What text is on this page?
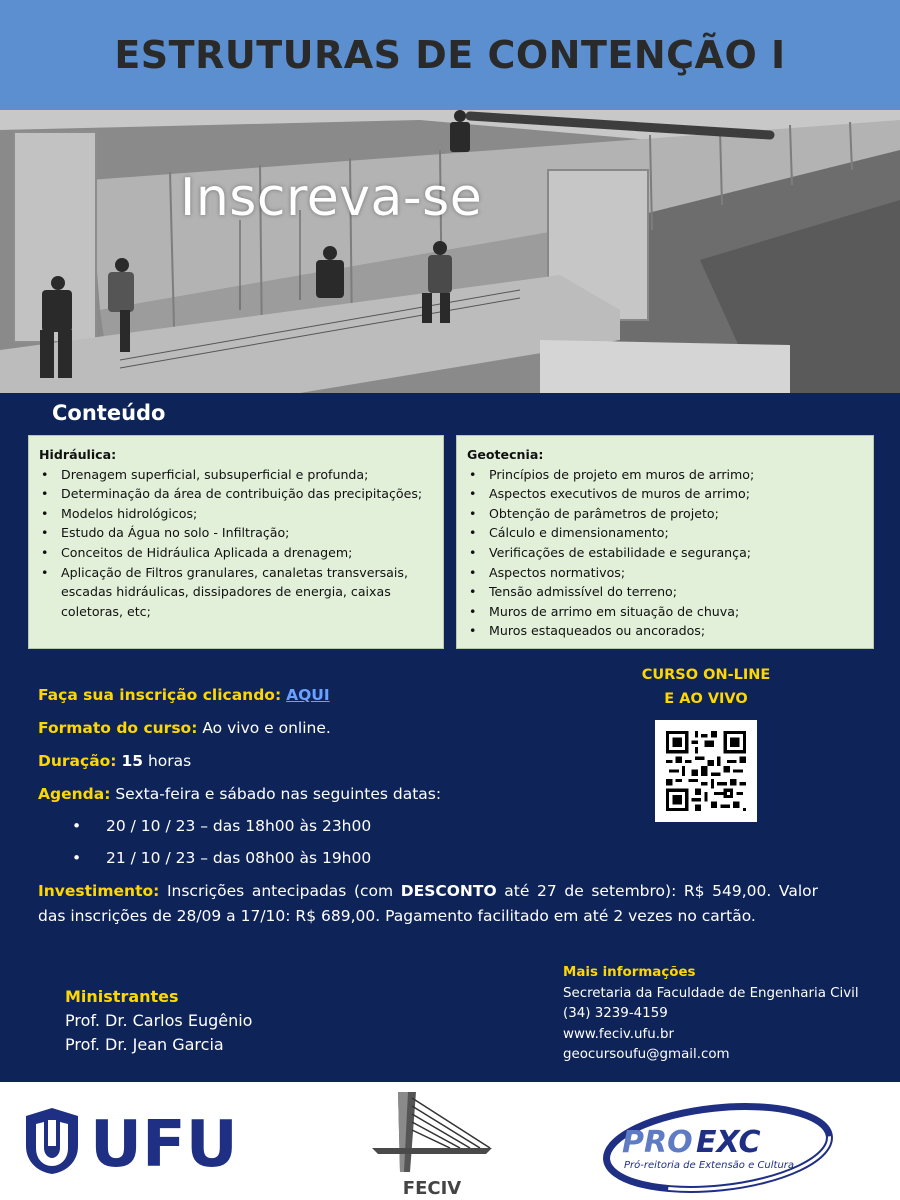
ESTRUTURAS DE CONTENÇÃO I
Inscreva-se
Conteúdo
Hidráulica:
• Drenagem superficial, subsuperficial e profunda;
• Determinação da área de contribuição das precipitações;
• Modelos hidrológicos;
• Estudo da Água no solo - Infiltração;
• Conceitos de Hidráulica Aplicada a drenagem;
• Aplicação de Filtros granulares, canaletas transversais, escadas hidráulicas, dissipadores de energia, caixas coletoras, etc;
Geotecnia:
• Princípios de projeto em muros de arrimo;
• Aspectos executivos de muros de arrimo;
• Obtenção de parâmetros de projeto;
• Cálculo e dimensionamento;
• Verificações de estabilidade e segurança;
• Aspectos normativos;
• Tensão admissível do terreno;
• Muros de arrimo em situação de chuva;
• Muros estaqueados ou ancorados;
CURSO ON-LINE
E AO VIVO
Faça sua inscrição clicando: AQUI
Formato do curso: Ao vivo e online.
Duração: 15 horas
Agenda: Sexta-feira e sábado nas seguintes datas:
• 20 / 10 / 23 – das 18h00 às 23h00
• 21 / 10 / 23 – das 08h00 às 19h00
Investimento: Inscrições antecipadas (com DESCONTO até 27 de setembro): R$ 549,00. Valor das inscrições de 28/09 a 17/10: R$ 689,00. Pagamento facilitado em até 2 vezes no cartão.
Ministrantes
Prof. Dr. Carlos Eugênio
Prof. Dr. Jean Garcia
Mais informações
Secretaria da Faculdade de Engenharia Civil
(34) 3239-4159
www.feciv.ufu.br
geocursoufu@gmail.com
UFU
FECIV
PRO EXC
Pró-reitoria de Extensão e Cultura
